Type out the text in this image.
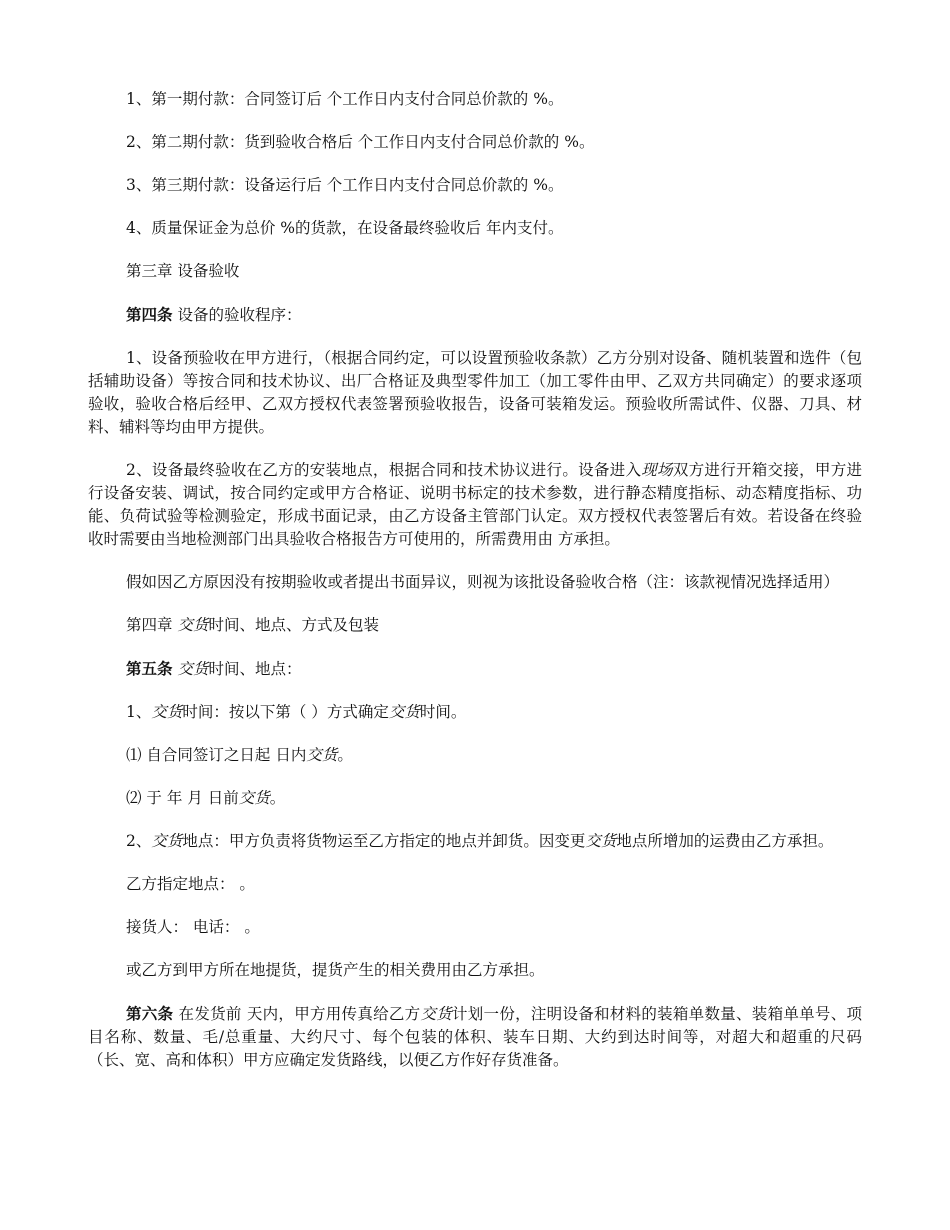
1、第一期付款：合同签订后 个工作日内支付合同总价款的 %。

2、第二期付款：货到验收合格后 个工作日内支付合同总价款的 %。

3、第三期付款：设备运行后 个工作日内支付合同总价款的 %。

4、质量保证金为总价 %的货款，在设备最终验收后 年内支付。

第三章 设备验收

第四条 设备的验收程序：

1、设备预验收在甲方进行，（根据合同约定，可以设置预验收条款）乙方分别对设备、随机装置和选件（包括辅助设备）等按合同和技术协议、出厂合格证及典型零件加工（加工零件由甲、乙双方共同确定）的要求逐项验收，验收合格后经甲、乙双方授权代表签署预验收报告，设备可装箱发运。预验收所需试件、仪器、刀具、材料、辅料等均由甲方提供。

2、设备最终验收在乙方的安装地点，根据合同和技术协议进行。设备进入现场双方进行开箱交接，甲方进行设备安装、调试，按合同约定或甲方合格证、说明书标定的技术参数，进行静态精度指标、动态精度指标、功能、负荷试验等检测验定，形成书面记录，由乙方设备主管部门认定。双方授权代表签署后有效。若设备在终验收时需要由当地检测部门出具验收合格报告方可使用的，所需费用由 方承担。

假如因乙方原因没有按期验收或者提出书面异议，则视为该批设备验收合格（注：该款视情况选择适用）

第四章 交货时间、地点、方式及包装

第五条 交货时间、地点：

1、交货时间：按以下第（ ）方式确定交货时间。

⑴ 自合同签订之日起 日内交货。

⑵ 于 年 月 日前交货。

2、交货地点：甲方负责将货物运至乙方指定的地点并卸货。因变更交货地点所增加的运费由乙方承担。

乙方指定地点： 。

接货人： 电话： 。

或乙方到甲方所在地提货，提货产生的相关费用由乙方承担。

第六条 在发货前 天内，甲方用传真给乙方交货计划一份，注明设备和材料的装箱单数量、装箱单单号、项目名称、数量、毛/总重量、大约尺寸、每个包装的体积、装车日期、大约到达时间等，对超大和超重的尺码（长、宽、高和体积）甲方应确定发货路线，以便乙方作好存货准备。
